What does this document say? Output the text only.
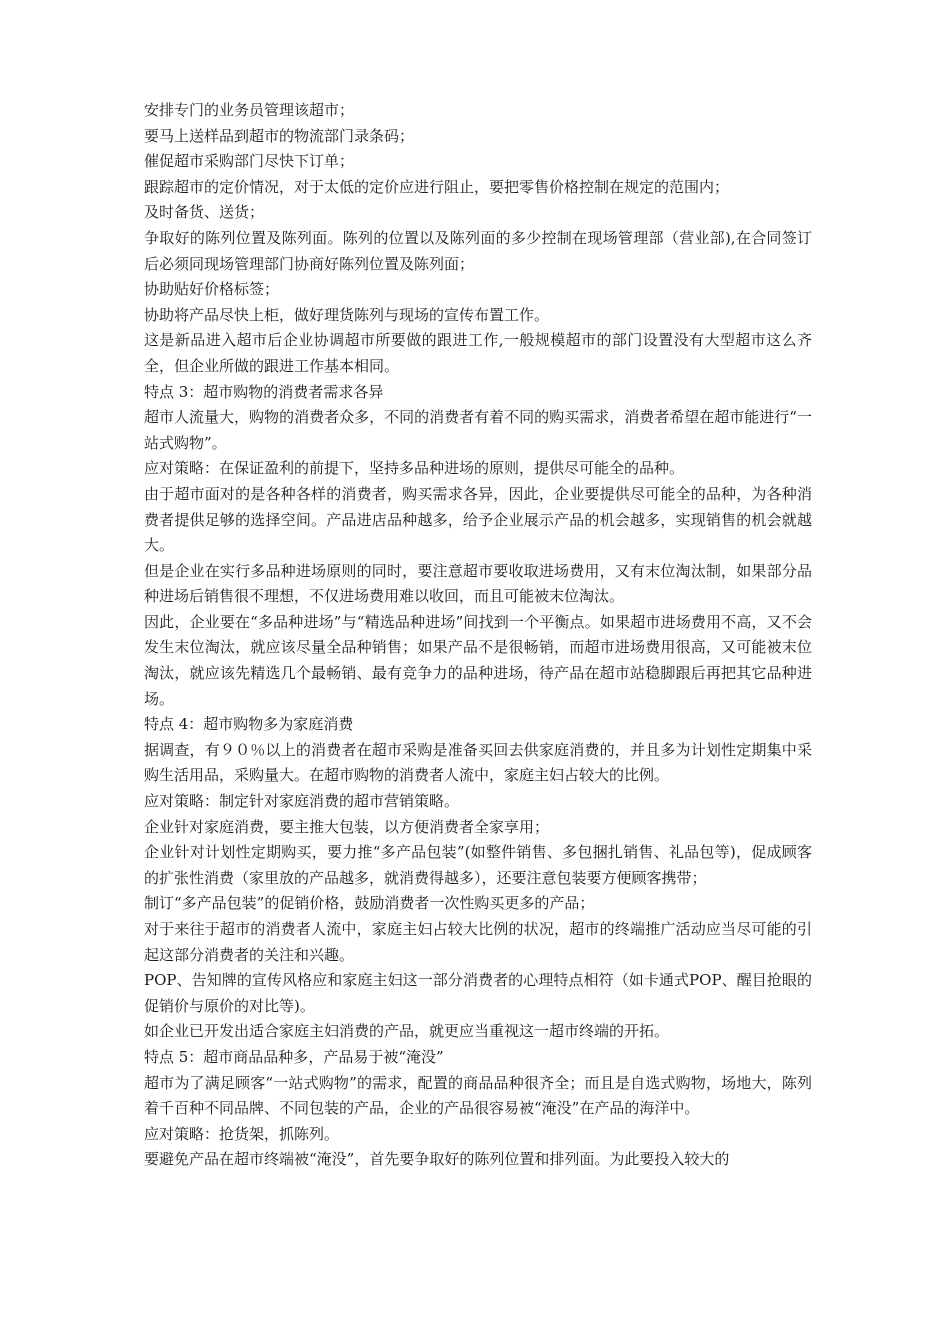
安排专门的业务员管理该超市；

要马上送样品到超市的物流部门录条码；

催促超市采购部门尽快下订单；

跟踪超市的定价情况，对于太低的定价应进行阻止，要把零售价格控制在规定的范围内；

及时备货、送货；

争取好的陈列位置及陈列面。陈列的位置以及陈列面的多少控制在现场管理部（营业部),在合同签订后必须同现场管理部门协商好陈列位置及陈列面；

协助贴好价格标签；

协助将产品尽快上柜，做好理货陈列与现场的宣传布置工作。

这是新品进入超市后企业协调超市所要做的跟进工作,一般规模超市的部门设置没有大型超市这么齐全，但企业所做的跟进工作基本相同。

特点 3：超市购物的消费者需求各异

超市人流量大，购物的消费者众多，不同的消费者有着不同的购买需求，消费者希望在超市能进行“一站式购物”。

应对策略：在保证盈利的前提下，坚持多品种进场的原则，提供尽可能全的品种。

由于超市面对的是各种各样的消费者，购买需求各异，因此，企业要提供尽可能全的品种，为各种消费者提供足够的选择空间。产品进店品种越多，给予企业展示产品的机会越多，实现销售的机会就越大。

但是企业在实行多品种进场原则的同时，要注意超市要收取进场费用，又有末位淘汰制，如果部分品种进场后销售很不理想，不仅进场费用难以收回，而且可能被末位淘汰。

因此，企业要在“多品种进场”与“精选品种进场”间找到一个平衡点。如果超市进场费用不高，又不会发生末位淘汰，就应该尽量全品种销售；如果产品不是很畅销，而超市进场费用很高，又可能被末位淘汰，就应该先精选几个最畅销、最有竞争力的品种进场，待产品在超市站稳脚跟后再把其它品种进场。

特点 4：超市购物多为家庭消费

据调查，有９０％以上的消费者在超市采购是准备买回去供家庭消费的，并且多为计划性定期集中采购生活用品，采购量大。在超市购物的消费者人流中，家庭主妇占较大的比例。

应对策略：制定针对家庭消费的超市营销策略。

企业针对家庭消费，要主推大包装，以方便消费者全家享用；

企业针对计划性定期购买，要力推“多产品包装”(如整件销售、多包捆扎销售、礼品包等)，促成顾客的扩张性消费（家里放的产品越多，就消费得越多），还要注意包装要方便顾客携带；

制订“多产品包装”的促销价格，鼓励消费者一次性购买更多的产品；

对于来往于超市的消费者人流中，家庭主妇占较大比例的状况，超市的终端推广活动应当尽可能的引起这部分消费者的关注和兴趣。

POP、告知牌的宣传风格应和家庭主妇这一部分消费者的心理特点相符（如卡通式POP、醒目抢眼的促销价与原价的对比等)。

如企业已开发出适合家庭主妇消费的产品，就更应当重视这一超市终端的开拓。

特点 5：超市商品品种多，产品易于被“淹没”

超市为了满足顾客“一站式购物”的需求，配置的商品品种很齐全；而且是自选式购物，场地大，陈列着千百种不同品牌、不同包装的产品，企业的产品很容易被“淹没”在产品的海洋中。

应对策略：抢货架，抓陈列。

要避免产品在超市终端被“淹没”，首先要争取好的陈列位置和排列面。为此要投入较大的
